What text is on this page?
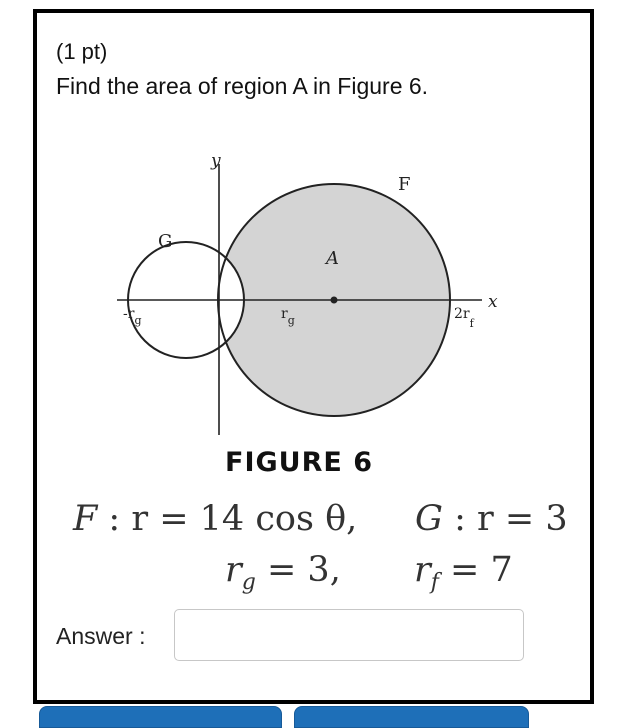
(1 pt)
Find the area of region A in Figure 6.
y
x
F
G
A
$-r_g$	$r_g$	$2r_f$
FIGURE 6
F : r = 14 cos θ, G : r = 3
$r_g = 3$, $r_f = 7$
Answer :
